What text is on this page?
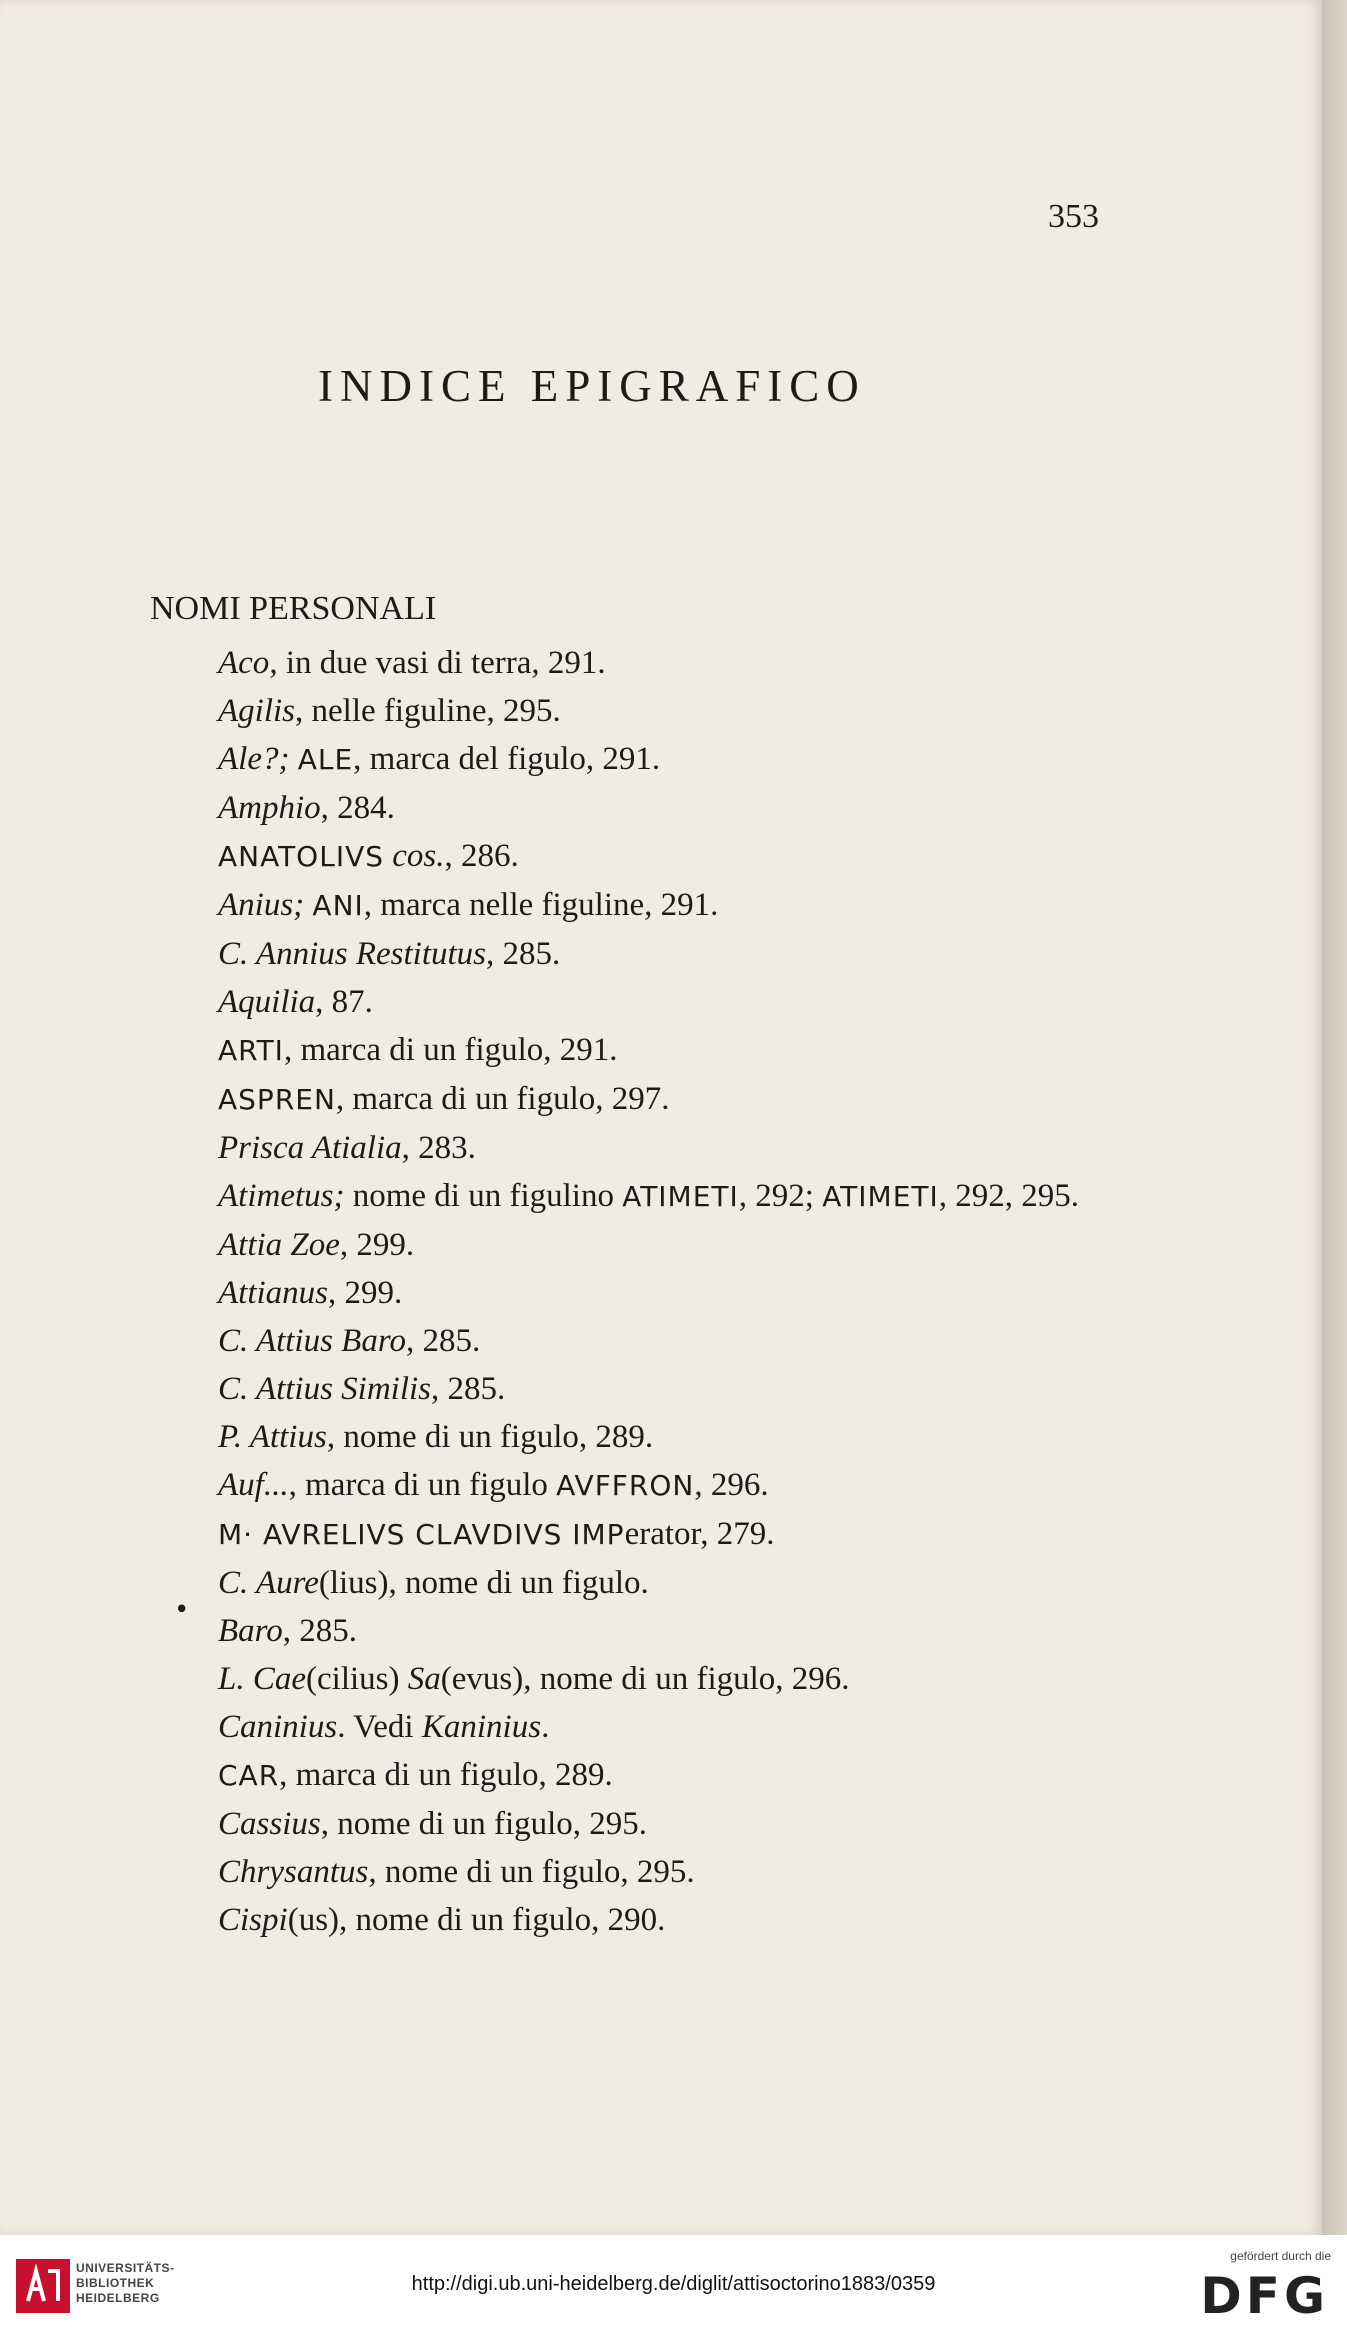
353
INDICE EPIGRAFICO
NOMI PERSONALI
Aco, in due vasi di terra, 291.
Agilis, nelle figuline, 295.
Ale?; ALE, marca del figulo, 291.
Amphio, 284.
ANATOLIVS cos., 286.
Anius; ANI, marca nelle figuline, 291.
C. Annius Restitutus, 285.
Aquilia, 87.
ARTI, marca di un figulo, 291.
ASPREN, marca di un figulo, 297.
Prisca Atialia, 283.
Atimetus; nome di un figulino ATIMETI, 292; ATIMETI, 292, 295.
Attia Zoe, 299.
Attianus, 299.
C. Attius Baro, 285.
C. Attius Similis, 285.
P. Attius, nome di un figulo, 289.
Auf..., marca di un figulo AVFFRON, 296.
M· AVRELIVS CLAVDIVS IMPerator, 279.
C. Aure(lius), nome di un figulo.
Baro, 285.
L. Cae(cilius) Sa(evus), nome di un figulo, 296.
Caninius. Vedi Kaninius.
CAR, marca di un figulo, 289.
Cassius, nome di un figulo, 295.
Chrysantus, nome di un figulo, 295.
Cispi(us), nome di un figulo, 290.
•
UNIVERSITÄTS-
BIBLIOTHEK
HEIDELBERG
http://digi.ub.uni-heidelberg.de/diglit/attisoctorino1883/0359
gefördert durch die
DFG
